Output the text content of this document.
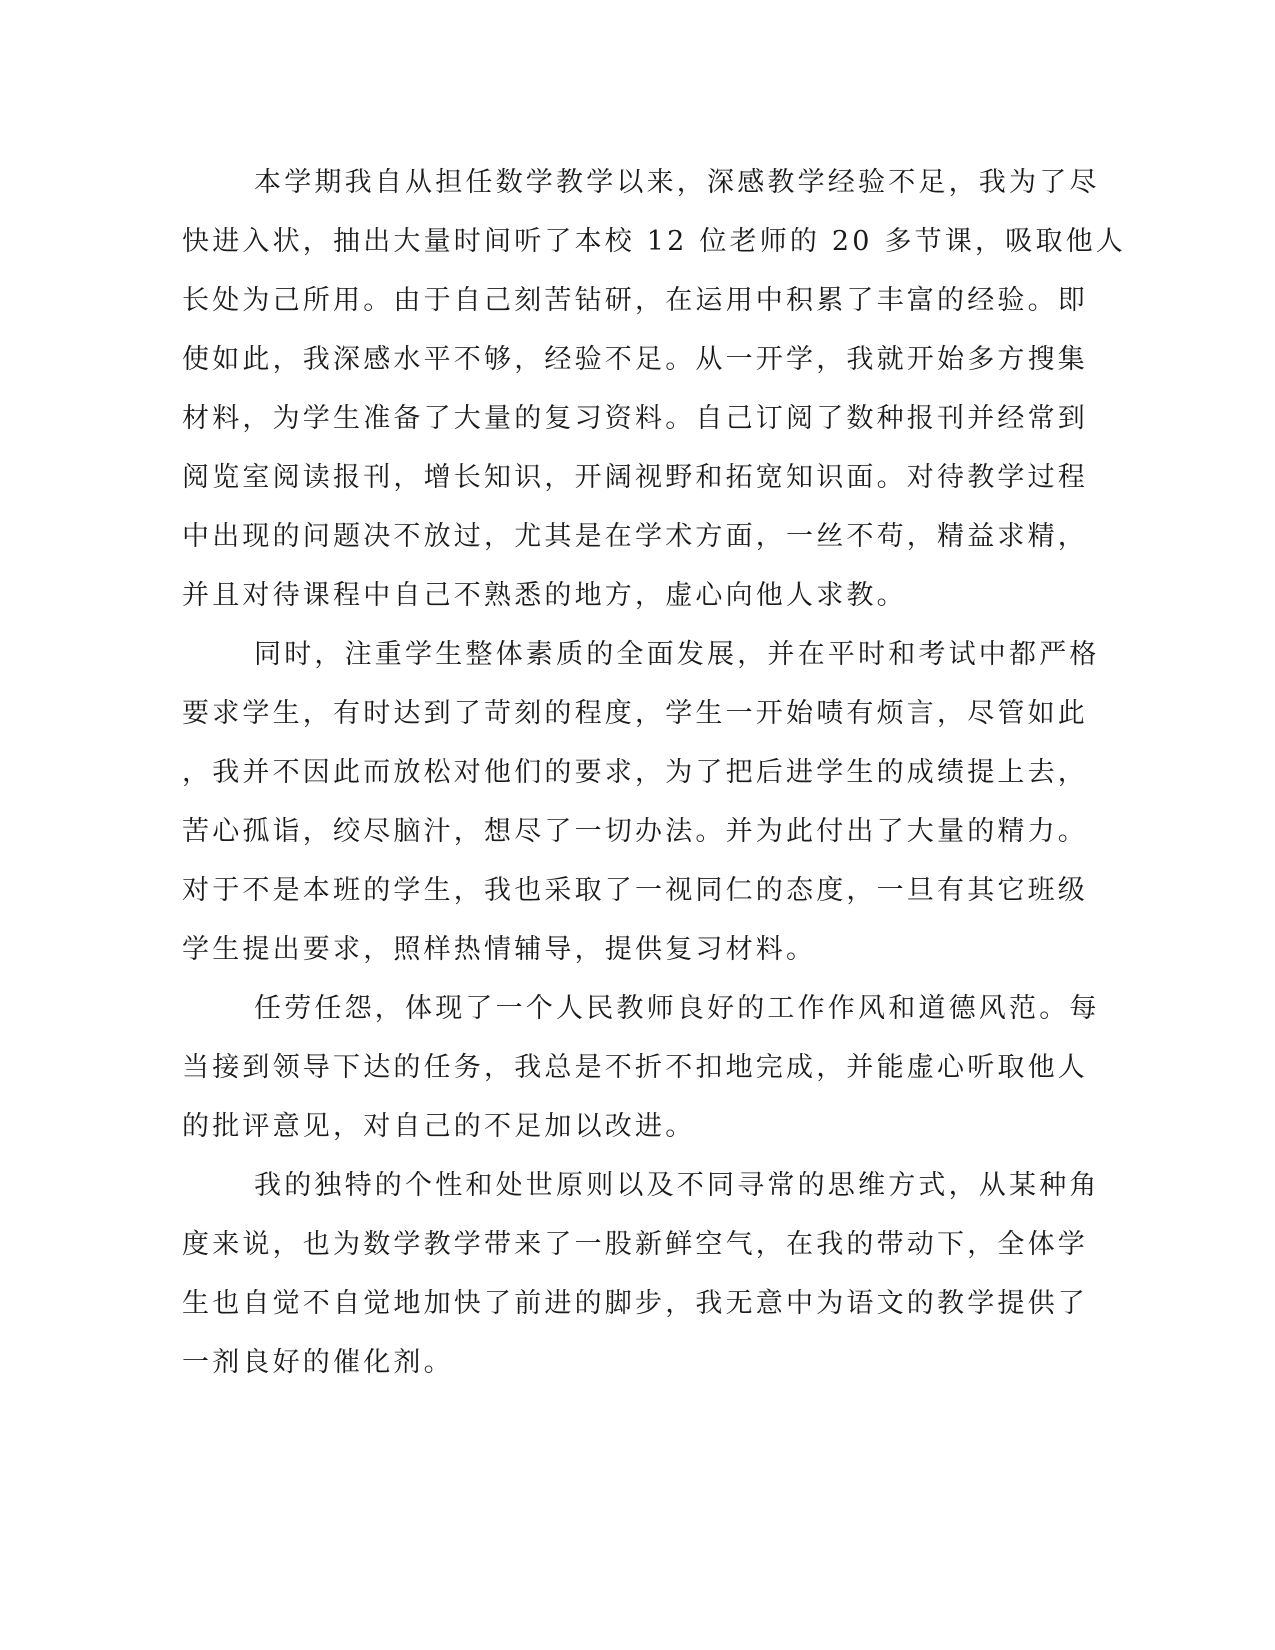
本学期我自从担任数学教学以来，深感教学经验不足，我为了尽
快进入状，抽出大量时间听了本校 12 位老师的 20 多节课，吸取他人
长处为己所用。由于自己刻苦钻研，在运用中积累了丰富的经验。即
使如此，我深感水平不够，经验不足。从一开学，我就开始多方搜集
材料，为学生准备了大量的复习资料。自己订阅了数种报刊并经常到
阅览室阅读报刊，增长知识，开阔视野和拓宽知识面。对待教学过程
中出现的问题决不放过，尤其是在学术方面，一丝不苟，精益求精，
并且对待课程中自己不熟悉的地方，虚心向他人求教。
同时，注重学生整体素质的全面发展，并在平时和考试中都严格
要求学生，有时达到了苛刻的程度，学生一开始啧有烦言，尽管如此
，我并不因此而放松对他们的要求，为了把后进学生的成绩提上去，
苦心孤诣，绞尽脑汁，想尽了一切办法。并为此付出了大量的精力。
对于不是本班的学生，我也采取了一视同仁的态度，一旦有其它班级
学生提出要求，照样热情辅导，提供复习材料。
任劳任怨，体现了一个人民教师良好的工作作风和道德风范。每
当接到领导下达的任务，我总是不折不扣地完成，并能虚心听取他人
的批评意见，对自己的不足加以改进。
我的独特的个性和处世原则以及不同寻常的思维方式，从某种角
度来说，也为数学教学带来了一股新鲜空气，在我的带动下，全体学
生也自觉不自觉地加快了前进的脚步，我无意中为语文的教学提供了
一剂良好的催化剂。
